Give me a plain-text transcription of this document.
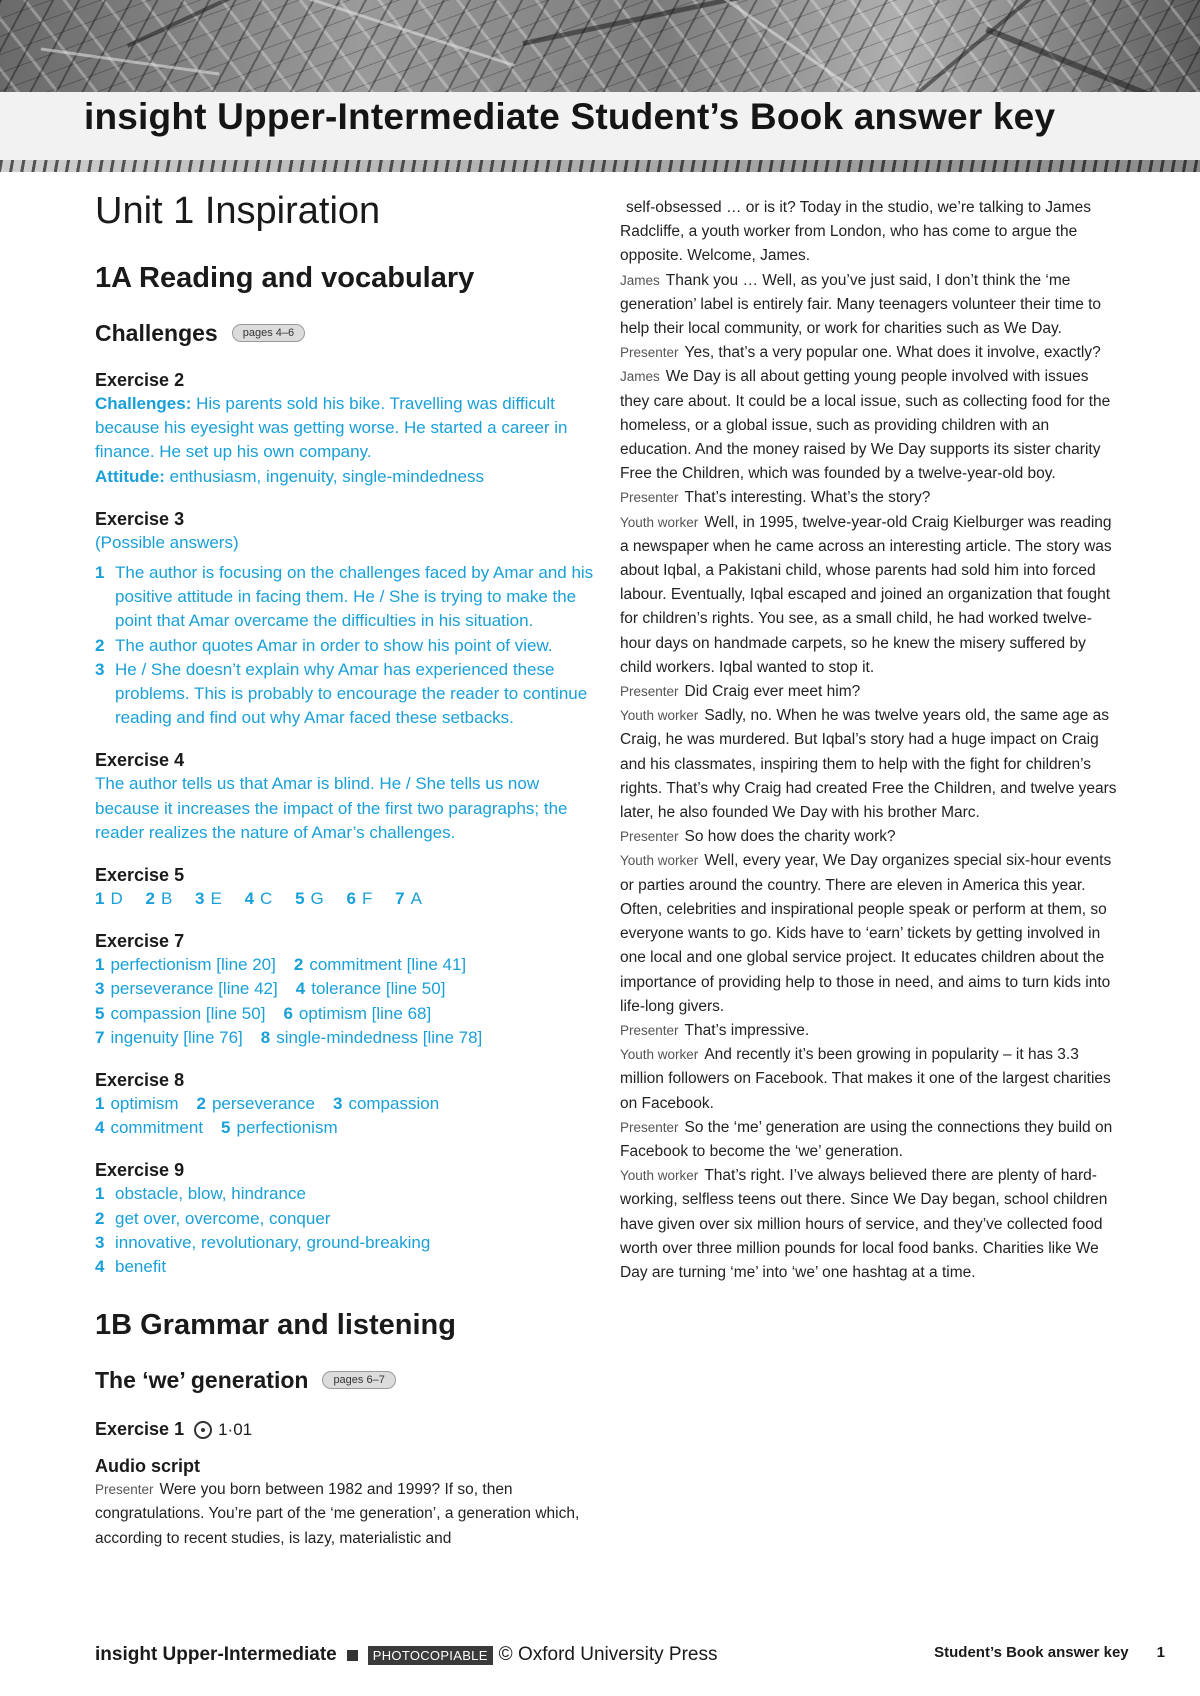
insight Upper-Intermediate Student’s Book answer key
Unit 1 Inspiration
1A Reading and vocabulary
Challenges	pages 4–6
Exercise 2
Challenges: His parents sold his bike. Travelling was difficult because his eyesight was getting worse. He started a career in finance. He set up his own company.
Attitude: enthusiasm, ingenuity, single-mindedness
Exercise 3
(Possible answers)
1 The author is focusing on the challenges faced by Amar and his positive attitude in facing them. He / She is trying to make the point that Amar overcame the difficulties in his situation.
2 The author quotes Amar in order to show his point of view.
3 He / She doesn’t explain why Amar has experienced these problems. This is probably to encourage the reader to continue reading and find out why Amar faced these setbacks.
Exercise 4
The author tells us that Amar is blind. He / She tells us now because it increases the impact of the first two paragraphs; the reader realizes the nature of Amar’s challenges.
Exercise 5
1 D 2 B 3 E 4 C 5 G 6 F 7 A
Exercise 7
1 perfectionism [line 20] 2 commitment [line 41]
3 perseverance [line 42] 4 tolerance [line 50]
5 compassion [line 50] 6 optimism [line 68]
7 ingenuity [line 76] 8 single-mindedness [line 78]
Exercise 8
1 optimism 2 perseverance 3 compassion
4 commitment 5 perfectionism
Exercise 9
1 obstacle, blow, hindrance
2 get over, overcome, conquer
3 innovative, revolutionary, ground-breaking
4 benefit
1B Grammar and listening
The ‘we’ generation	pages 6–7
Exercise 1 1·01
Audio script
Presenter Were you born between 1982 and 1999? If so, then congratulations. You’re part of the ‘me generation’, a generation which, according to recent studies, is lazy, materialistic and

self-obsessed … or is it? Today in the studio, we’re talking to James Radcliffe, a youth worker from London, who has come to argue the opposite. Welcome, James.

James Thank you … Well, as you’ve just said, I don’t think the ‘me generation’ label is entirely fair. Many teenagers volunteer their time to help their local community, or work for charities such as We Day.

Presenter Yes, that’s a very popular one. What does it involve, exactly?

James We Day is all about getting young people involved with issues they care about. It could be a local issue, such as collecting food for the homeless, or a global issue, such as providing children with an education. And the money raised by We Day supports its sister charity Free the Children, which was founded by a twelve-year-old boy.

Presenter That’s interesting. What’s the story?

Youth worker Well, in 1995, twelve-year-old Craig Kielburger was reading a newspaper when he came across an interesting article. The story was about Iqbal, a Pakistani child, whose parents had sold him into forced labour. Eventually, Iqbal escaped and joined an organization that fought for children’s rights. You see, as a small child, he had worked twelve-hour days on handmade carpets, so he knew the misery suffered by child workers. Iqbal wanted to stop it.

Presenter Did Craig ever meet him?

Youth worker Sadly, no. When he was twelve years old, the same age as Craig, he was murdered. But Iqbal’s story had a huge impact on Craig and his classmates, inspiring them to help with the fight for children’s rights. That’s why Craig had created Free the Children, and twelve years later, he also founded We Day with his brother Marc.

Presenter So how does the charity work?

Youth worker Well, every year, We Day organizes special six-hour events or parties around the country. There are eleven in America this year. Often, celebrities and inspirational people speak or perform at them, so everyone wants to go. Kids have to ‘earn’ tickets by getting involved in one local and one global service project. It educates children about the importance of providing help to those in need, and aims to turn kids into life-long givers.

Presenter That’s impressive.

Youth worker And recently it’s been growing in popularity – it has 3.3 million followers on Facebook. That makes it one of the largest charities on Facebook.

Presenter So the ‘me’ generation are using the connections they build on Facebook to become the ‘we’ generation.

Youth worker That’s right. I’ve always believed there are plenty of hard-working, selfless teens out there. Since We Day began, school children have given over six million hours of service, and they’ve collected food worth over three million pounds for local food banks. Charities like We Day are turning ‘me’ into ‘we’ one hashtag at a time.

insight Upper-Intermediate	PHOTOCOPIABLE © Oxford University Press	Student’s Book answer key 1
